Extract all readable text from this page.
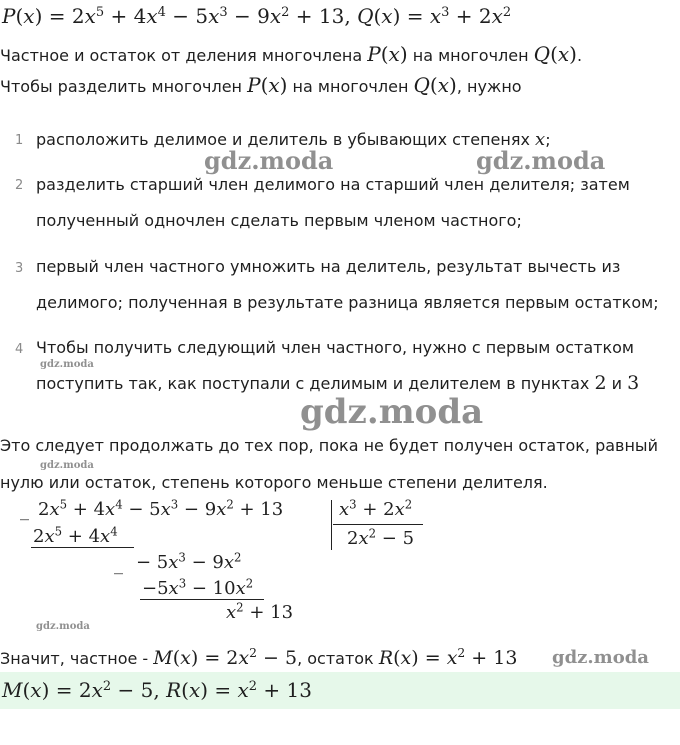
$P(x) = 2x^5 + 4x^4 - 5x^3 - 9x^2 + 13$, $Q(x) = x^3 + 2x^2$
Частное и остаток от деления многочлена P(x) на многочлен Q(x).
Чтобы разделить многочлен P(x) на многочлен Q(x), нужно
1 расположить делимое и делитель в убывающих степенях x;
2 разделить старший член делимого на старший член делителя; затем
полученный одночлен сделать первым членом частного;
3 первый член частного умножить на делитель, результат вычесть из
делимого; полученная в результате разница является первым остатком;
4 Чтобы получить следующий член частного, нужно с первым остатком
поступить так, как поступали с делимым и делителем в пунктах 2 и 3
Это следует продолжать до тех пор, пока не будет получен остаток, равный
нулю или остаток, степень которого меньше степени делителя.
_ $2x^5 + 4x^4 - 5x^3 - 9x^2 + 13$	$x^3 + 2x^2$
$2x^2 - 5$
$2x^5 + 4x^4$
_ − $5x^3 - 9x^2$
$-5x^3 - 10x^2$
$x^2 + 13$
Значит, частное - $M(x) = 2x^2 - 5$, остаток $R(x) = x^2 + 13$
$M(x) = 2x^2 - 5$, $R(x) = x^2 + 13$
gdz.moda	gdz.moda
gdz.moda
gdz.moda
gdz.moda
gdz.moda
gdz.moda
